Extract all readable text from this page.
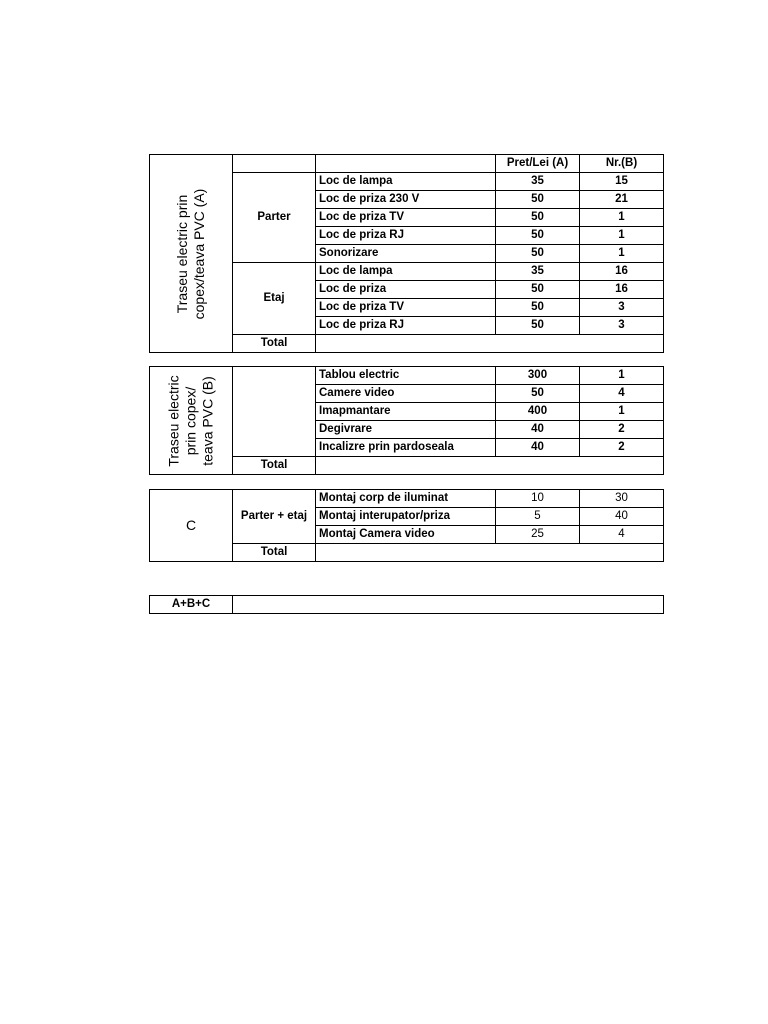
Traseu electric prin copex/teava PVC (A)			Pret/Lei (A)	Nr.(B)
	Parter	Loc de lampa	35	15
		Loc de priza 230 V	50	21
		Loc de priza TV	50	1
		Loc de priza RJ	50	1
		Sonorizare	50	1
	Etaj	Loc de lampa	35	16
		Loc de priza	50	16
		Loc de priza TV	50	3
		Loc de priza RJ	50	3
	Total			
Traseu electric prin copex/ teava PVC (B)		Tablou electric	300	1
		Camere video	50	4
		Imapmantare	400	1
		Degivrare	40	2
		Incalizre prin pardoseala	40	2
	Total			
C	Parter + etaj	Montaj corp de iluminat	10	30
		Montaj interupator/priza	5	40
		Montaj Camera video	25	4
	Total			
A+B+C	
